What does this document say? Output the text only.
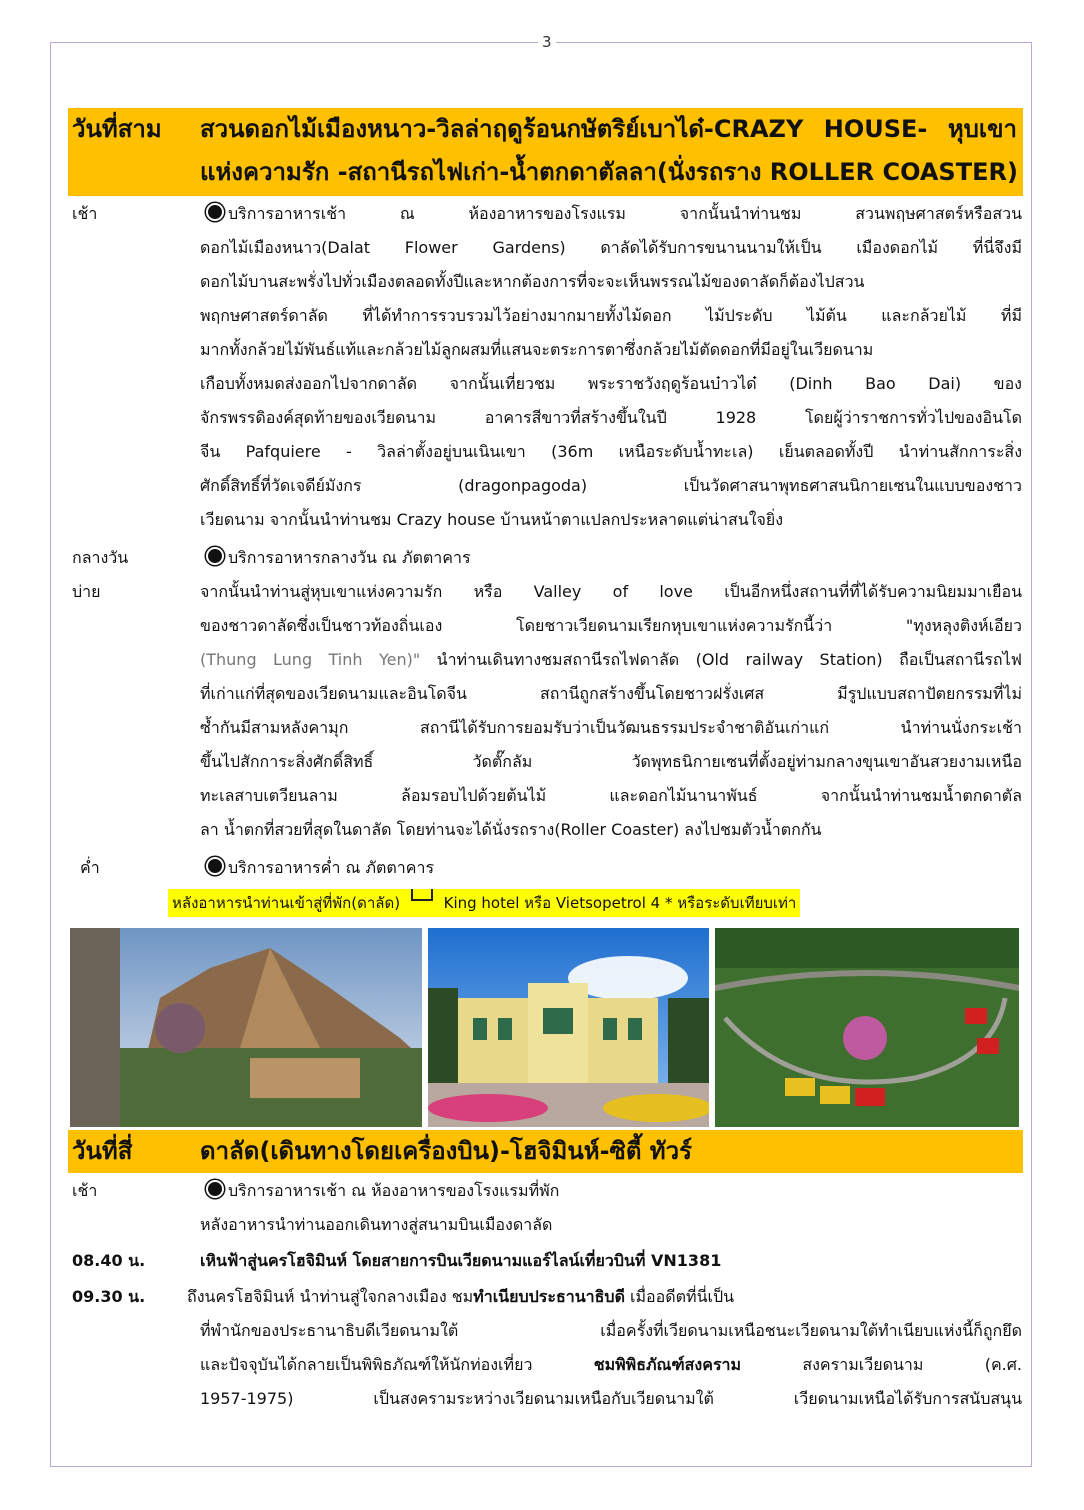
3
วันที่สาม สวนดอกไม้เมืองหนาว-วิลล่าฤดูร้อนกษัตริย์เบาได๋-CRAZY HOUSE- หุบเขา
แห่งความรัก -สถานีรถไฟเก่า-น้ำตกดาตัลลา(นั่งรถราง ROLLER COASTER)
เช้า	บริการอาหารเช้า ณ ห้องอาหารของโรงแรม จากนั้นนำท่านชม สวนพฤษศาสตร์หรือสวน
ดอกไม้เมืองหนาว(Dalat Flower Gardens) ดาลัดได้รับการขนานนามให้เป็น เมืองดอกไม้ ที่นี่จึงมี
ดอกไม้บานสะพรั่งไปทั่วเมืองตลอดทั้งปีและหากต้องการที่จะจะเห็นพรรณไม้ของดาลัดก็ต้องไปสวน
พฤกษศาสตร์ดาลัด ที่ได้ทำการรวบรวมไว้อย่างมากมายทั้งไม้ดอก ไม้ประดับ ไม้ต้น และกล้วยไม้ ที่มี
มากทั้งกล้วยไม้พันธ์แท้และกล้วยไม้ลูกผสมที่แสนจะตระการตาซึ่งกล้วยไม้ตัดดอกที่มีอยู่ในเวียดนาม
เกือบทั้งหมดส่งออกไปจากดาลัด จากนั้นเที่ยวชม พระราชวังฤดูร้อนบ๋าวได๋ (Dinh Bao Dai) ของ
จักรพรรดิองค์สุดท้ายของเวียดนาม อาคารสีขาวที่สร้างขึ้นในปี 1928 โดยผู้ว่าราชการทั่วไปของอินโด
จีน Pafquiere - วิลล่าตั้งอยู่บนเนินเขา (36m เหนือระดับน้ำทะเล) เย็นตลอดทั้งปี นำท่านสักการะสิ่ง
ศักดิ์สิทธิ์ที่วัดเจดีย์มังกร (dragonpagoda) เป็นวัดศาสนาพุทธศาสนนิกายเซนในแบบของชาว
เวียดนาม จากนั้นนำท่านชม Crazy house บ้านหน้าตาแปลกประหลาดแต่น่าสนใจยิ่ง
กลางวัน	บริการอาหารกลางวัน ณ ภัตตาคาร
บ่าย	จากนั้นนำท่านสู่หุบเขาแห่งความรัก หรือ Valley of love เป็นอีกหนึ่งสถานที่ที่ได้รับความนิยมมาเยือน
ของชาวดาลัดซึ่งเป็นชาวท้องถิ่นเอง โดยชาวเวียดนามเรียกหุบเขาแห่งความรักนี้ว่า "ทุงหลุงติงห์เอียว
(Thung Lung Tinh Yen)" นำท่านเดินทางชมสถานีรถไฟดาลัด (Old railway Station) ถือเป็นสถานีรถไฟ
ที่เก่าแก่ที่สุดของเวียดนามและอินโดจีน สถานีถูกสร้างขึ้นโดยชาวฝรั่งเศส มีรูปแบบสถาปัตยกรรมที่ไม่
ซ้ำกันมีสามหลังคามุก สถานีได้รับการยอมรับว่าเป็นวัฒนธรรมประจำชาติอันเก่าแก่ นำท่านนั่งกระเช้า
ขึ้นไปสักการะสิ่งศักดิ์สิทธิ์ วัดตั๊กลัม วัดพุทธนิกายเซนที่ตั้งอยู่ท่ามกลางขุนเขาอันสวยงามเหนือ
ทะเลสาบเตวียนลาม ล้อมรอบไปด้วยต้นไม้ และดอกไม้นานาพันธ์ จากนั้นนำท่านชมน้ำตกดาตัล
ลา น้ำตกที่สวยที่สุดในดาลัด โดยท่านจะได้นั่งรถราง(Roller Coaster) ลงไปชมตัวน้ำตกกัน
ค่ำ	บริการอาหารค่ำ ณ ภัตตาคาร
หลังอาหารนำท่านเข้าสู่ที่พัก(ดาลัด)	King hotel หรือ Vietsopetrol 4 * หรือระดับเทียบเท่า
วันที่สี่	ดาลัด(เดินทางโดยเครื่องบิน)-โฮจิมินห์-ซิตี้ ทัวร์
เช้า	บริการอาหารเช้า ณ ห้องอาหารของโรงแรมที่พัก
หลังอาหารนำท่านออกเดินทางสู่สนามบินเมืองดาลัด
08.40 น.	เหินฟ้าสู่นครโฮจิมินห์ โดยสายการบินเวียดนามแอร์ไลน์เที่ยวบินที่ VN1381
09.30 น.	ถึงนครโฮจิมินห์ นำท่านสู่ใจกลางเมือง ชมทำเนียบประธานาธิบดี เมื่ออดีตที่นี่เป็น
ที่พำนักของประธานาธิบดีเวียดนามใต้ เมื่อครั้งที่เวียดนามเหนือชนะเวียดนามใต้ทำเนียบแห่งนี้ก็ถูกยึด
และปัจจุบันได้กลายเป็นพิพิธภัณฑ์ให้นักท่องเที่ยว ชมพิพิธภัณฑ์สงคราม สงครามเวียดนาม (ค.ศ.
1957-1975) เป็นสงครามระหว่างเวียดนามเหนือกับเวียดนามใต้ เวียดนามเหนือได้รับการสนับสนุน
